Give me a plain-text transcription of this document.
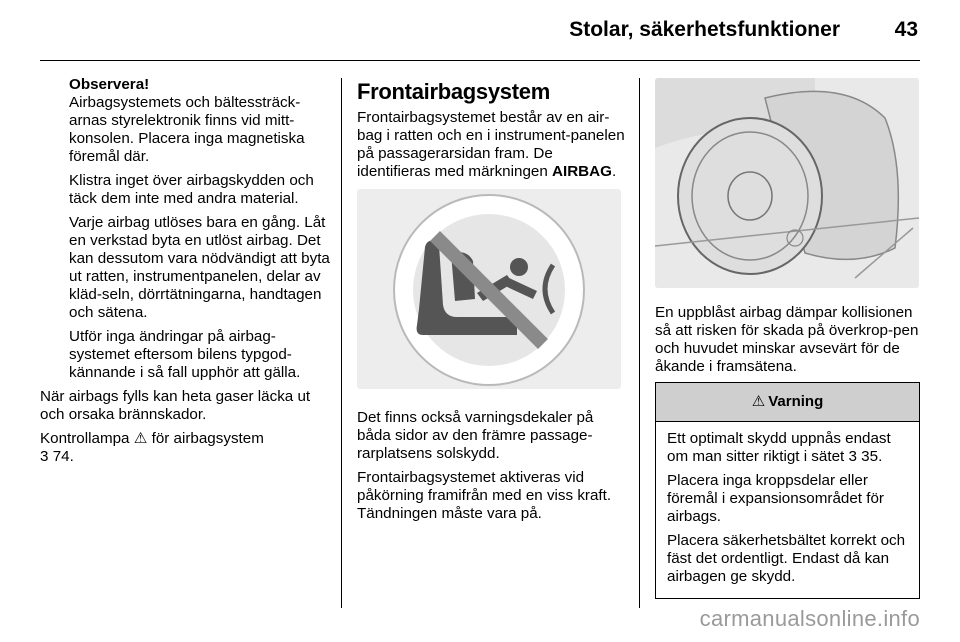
Stolar, säkerhetsfunktioner	43

Observera!

Airbagsystemets och bältessträck-arnas styrelektronik finns vid mitt-konsolen. Placera inga magnetiska föremål där.

Klistra inget över airbagskydden och täck dem inte med andra material.

Varje airbag utlöses bara en gång. Låt en verkstad byta en utlöst airbag. Det kan dessutom vara nödvändigt att byta ut ratten, instrumentpanelen, delar av kläd-seln, dörrtätningarna, handtagen och sätena.

Utför inga ändringar på airbag-systemet eftersom bilens typgod-kännande i så fall upphör att gälla.

När airbags fylls kan heta gaser läcka ut och orsaka brännskador.

Kontrollampa ⚠ för airbagsystem
3 74.

Frontairbagsystem

Frontairbagsystemet består av en air-bag i ratten och en i instrument-panelen på passagerarsidan fram. De identifieras med märkningen AIRBAG.

Det finns också varningsdekaler på båda sidor av den främre passage-rarplatsens solskydd.

Frontairbagsystemet aktiveras vid påkörning framifrån med en viss kraft. Tändningen måste vara på.

En uppblåst airbag dämpar kollisionen så att risken för skada på överkrop-pen och huvudet minskar avsevärt för de åkande i framsätena.

⚠ Varning

Ett optimalt skydd uppnås endast om man sitter riktigt i sätet 3 35.

Placera inga kroppsdelar eller föremål i expansionsområdet för airbags.

Placera säkerhetsbältet korrekt och fäst det ordentligt. Endast då kan airbagen ge skydd.

carmanualsonline.info
